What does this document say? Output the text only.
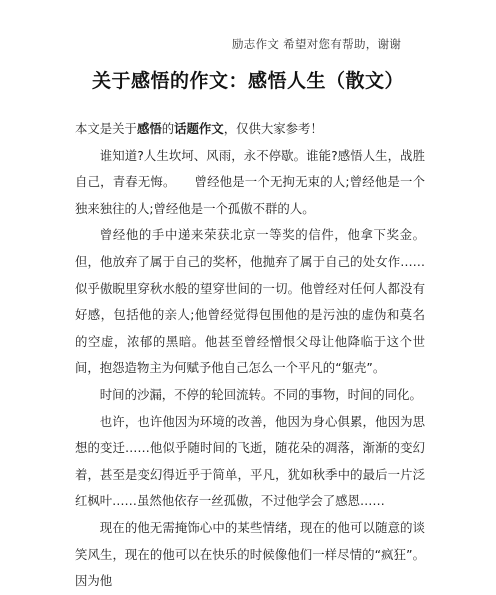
励志作文 希望对您有帮助，谢谢
关于感悟的作文：感悟人生（散文）

本文是关于感悟的话题作文，仅供大家参考！

谁知道?人生坎坷、风雨，永不停歇。谁能?感悟人生，战胜自己，青春无悔。　　曾经他是一个无拘无束的人;曾经他是一个独来独往的人;曾经他是一个孤傲不群的人。

曾经他的手中递来荣获北京一等奖的信件，他拿下奖金。但，他放弃了属于自己的奖杯，他抛弃了属于自己的处女作……似乎傲睨里穿秋水般的望穿世间的一切。他曾经对任何人都没有好感，包括他的亲人;他曾经觉得包围他的是污浊的虚伪和莫名的空虚，浓郁的黑暗。他甚至曾经憎恨父母让他降临于这个世间，抱怨造物主为何赋予他自己怎么一个平凡的“躯壳”。

时间的沙漏，不停的轮回流转。不同的事物，时间的同化。

也许，也许他因为环境的改善，他因为身心俱累，他因为思想的变迁……他似乎随时间的飞逝，随花朵的凋落，渐渐的变幻着，甚至是变幻得近乎于简单，平凡，犹如秋季中的最后一片泛红枫叶……虽然他依存一丝孤傲，不过他学会了感恩……

现在的他无需掩饰心中的某些情绪，现在的他可以随意的谈笑风生，现在的他可以在快乐的时候像他们一样尽情的“疯狂”。因为他
